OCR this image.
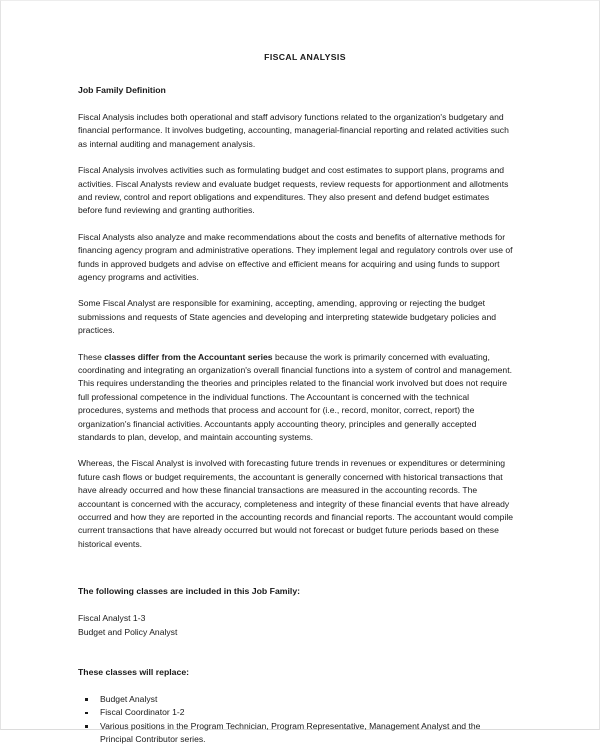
FISCAL ANALYSIS
Job Family Definition

Fiscal Analysis includes both operational and staff advisory functions related to the organization's budgetary and financial performance. It involves budgeting, accounting, managerial-financial reporting and related activities such as internal auditing and management analysis.

Fiscal Analysis involves activities such as formulating budget and cost estimates to support plans, programs and activities. Fiscal Analysts review and evaluate budget requests, review requests for apportionment and allotments and review, control and report obligations and expenditures. They also present and defend budget estimates before fund reviewing and granting authorities.

Fiscal Analysts also analyze and make recommendations about the costs and benefits of alternative methods for financing agency program and administrative operations. They implement legal and regulatory controls over use of funds in approved budgets and advise on effective and efficient means for acquiring and using funds to support agency programs and activities.

Some Fiscal Analyst are responsible for examining, accepting, amending, approving or rejecting the budget submissions and requests of State agencies and developing and interpreting statewide budgetary policies and practices.

These classes differ from the Accountant series because the work is primarily concerned with evaluating, coordinating and integrating an organization's overall financial functions into a system of control and management. This requires understanding the theories and principles related to the financial work involved but does not require full professional competence in the individual functions. The Accountant is concerned with the technical procedures, systems and methods that process and account for (i.e., record, monitor, correct, report) the organization's financial activities. Accountants apply accounting theory, principles and generally accepted standards to plan, develop, and maintain accounting systems.

Whereas, the Fiscal Analyst is involved with forecasting future trends in revenues or expenditures or determining future cash flows or budget requirements, the accountant is generally concerned with historical transactions that have already occurred and how these financial transactions are measured in the accounting records. The accountant is concerned with the accuracy, completeness and integrity of these financial events that have already occurred and how they are reported in the accounting records and financial reports. The accountant would compile current transactions that have already occurred but would not forecast or budget future periods based on these historical events.

The following classes are included in this Job Family:
Fiscal Analyst 1-3
Budget and Policy Analyst
These classes will replace:
Budget Analyst
Fiscal Coordinator 1-2
Various positions in the Program Technician, Program Representative, Management Analyst and the Principal Contributor series.
